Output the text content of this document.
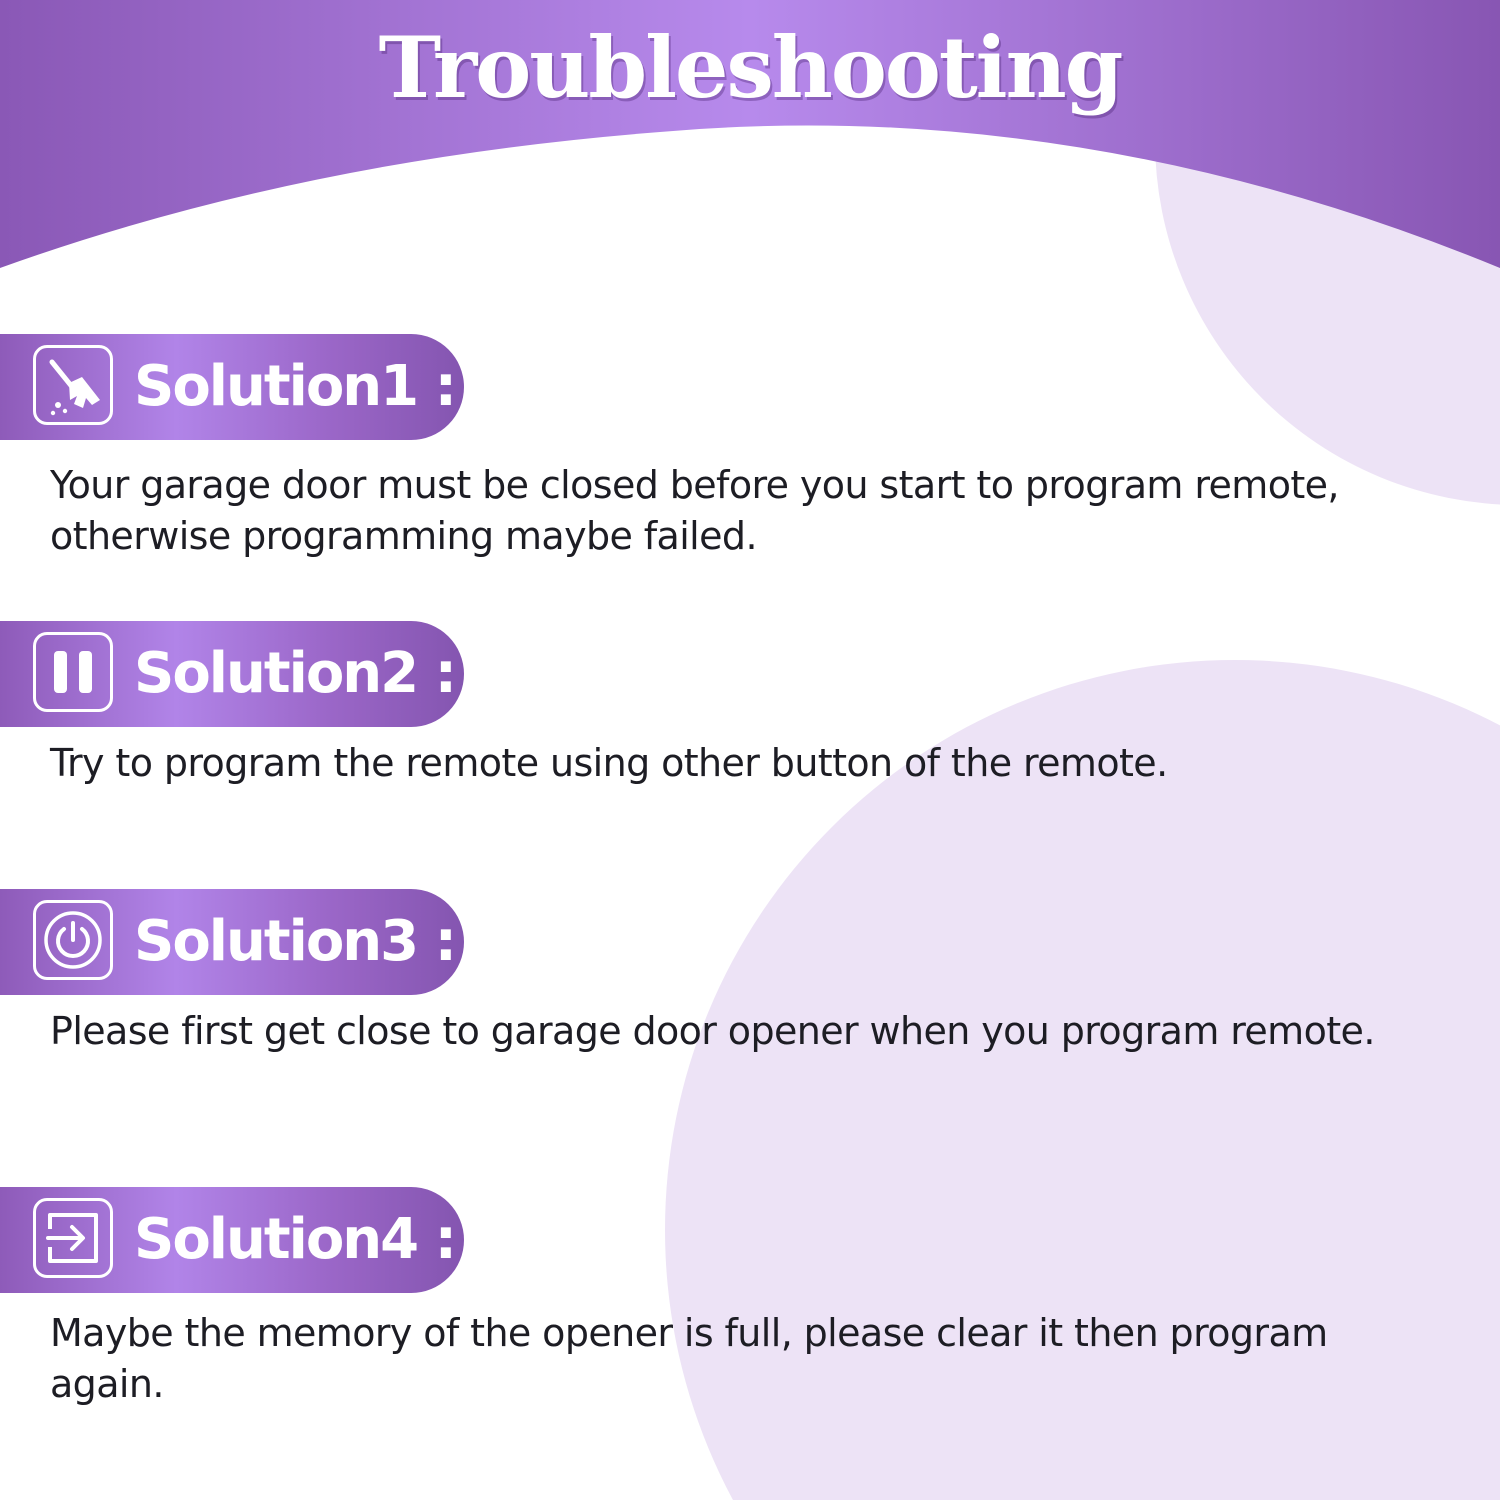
Troubleshooting
Solution1 :
Your garage door must be closed before you start to program remote, otherwise programming maybe failed.
Solution2 :
Try to program the remote using other button of the remote.
Solution3 :
Please first get close to garage door opener when you program remote.
Solution4 :
Maybe the memory of the opener is full, please clear it then program again.
